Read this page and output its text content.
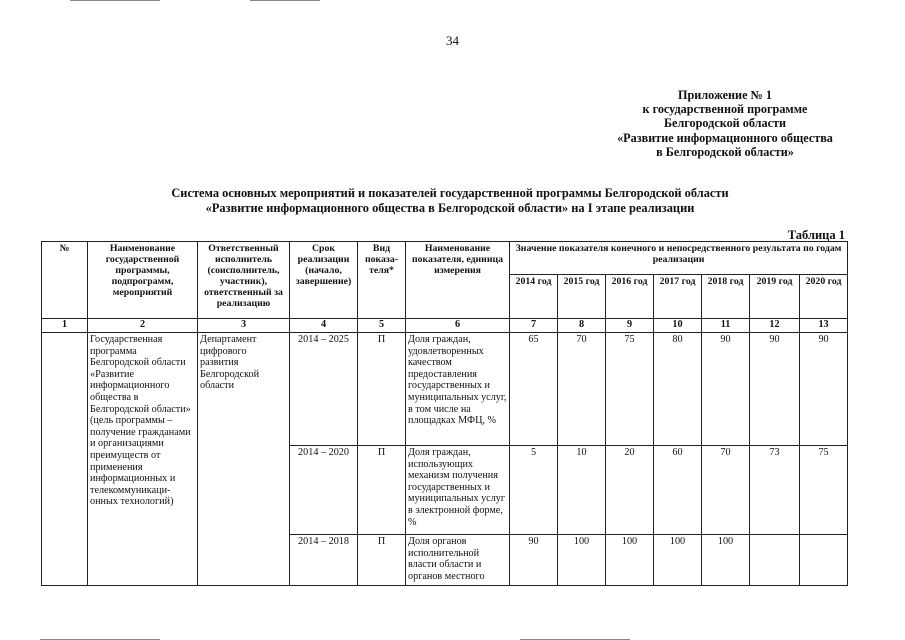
34
Приложение № 1
к государственной программе
Белгородской области
«Развитие информационного общества
в Белгородской области»
Система основных мероприятий и показателей государственной программы Белгородской области
«Развитие информационного общества в Белгородской области» на I этапе реализации
Таблица 1
№	Наименование государственной программы, подпрограмм, мероприятий	Ответственный исполнитель (соисполнитель, участник), ответственный за реализацию	Срок реализации (начало, завершение)	Вид показа-теля*	Наименование показателя, единица измерения	Значение показателя конечного и непосредственного результата по годам реализации						
						2014 год	2015 год	2016 год	2017 год	2018 год	2019 год	2020 год
1	2	3	4	5	6	7	8	9	10	11	12	13
	Государственная программа Белгородской области «Развитие информационного общества в Белгородской области» (цель программы – получение гражданами и организациями преимуществ от применения информационных и телекоммуникаци-онных технологий)	Департамент цифрового развития Белгородской области	2014 – 2025	П	Доля граждан, удовлетворенных качеством предоставления государственных и муниципальных услуг, в том числе на площадках МФЦ, %	65	70	75	80	90	90	90
			2014 – 2020	П	Доля граждан, использующих механизм получения государственных и муниципальных услуг в электронной форме, %	5	10	20	60	70	73	75
			2014 – 2018	П	Доля органов исполнительной власти области и органов местного	90	100	100	100	100		
